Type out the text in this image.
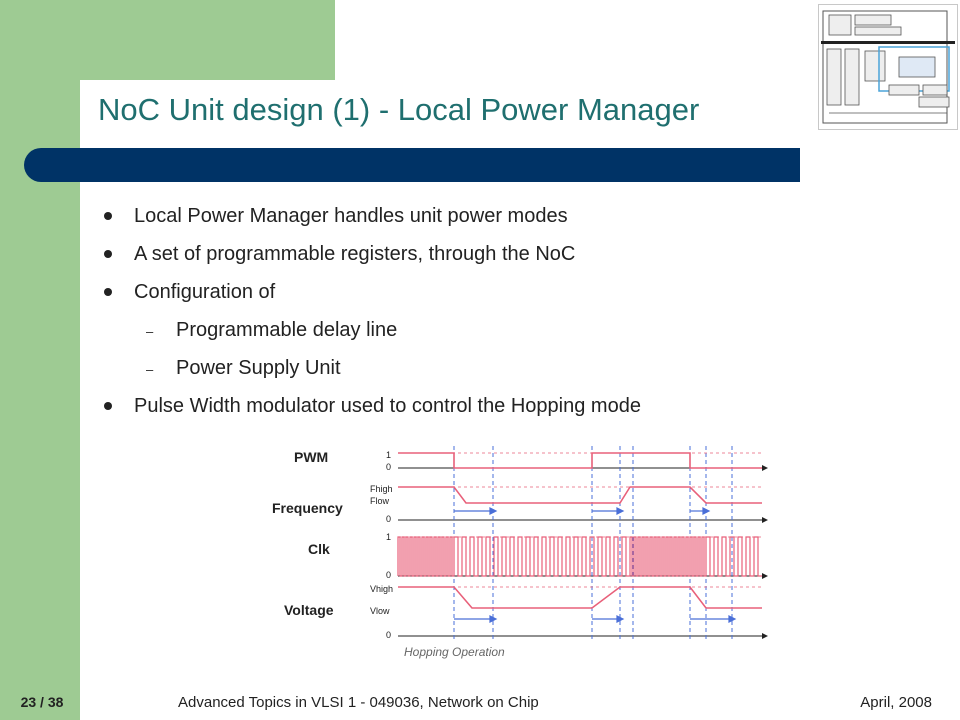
NoC Unit design (1) - Local Power Manager
Local Power Manager handles unit power modes
A set of programmable registers, through the NoC
Configuration of
– Programmable delay line
– Power Supply Unit
Pulse Width modulator used to control the Hopping mode
PWM
Frequency
Clk
Voltage
1
0
Fhigh
Flow
0
1
0
Vhigh
Vlow
0
Hopping Operation
23 / 38	Advanced Topics in VLSI 1 - 049036, Network on Chip	April, 2008
